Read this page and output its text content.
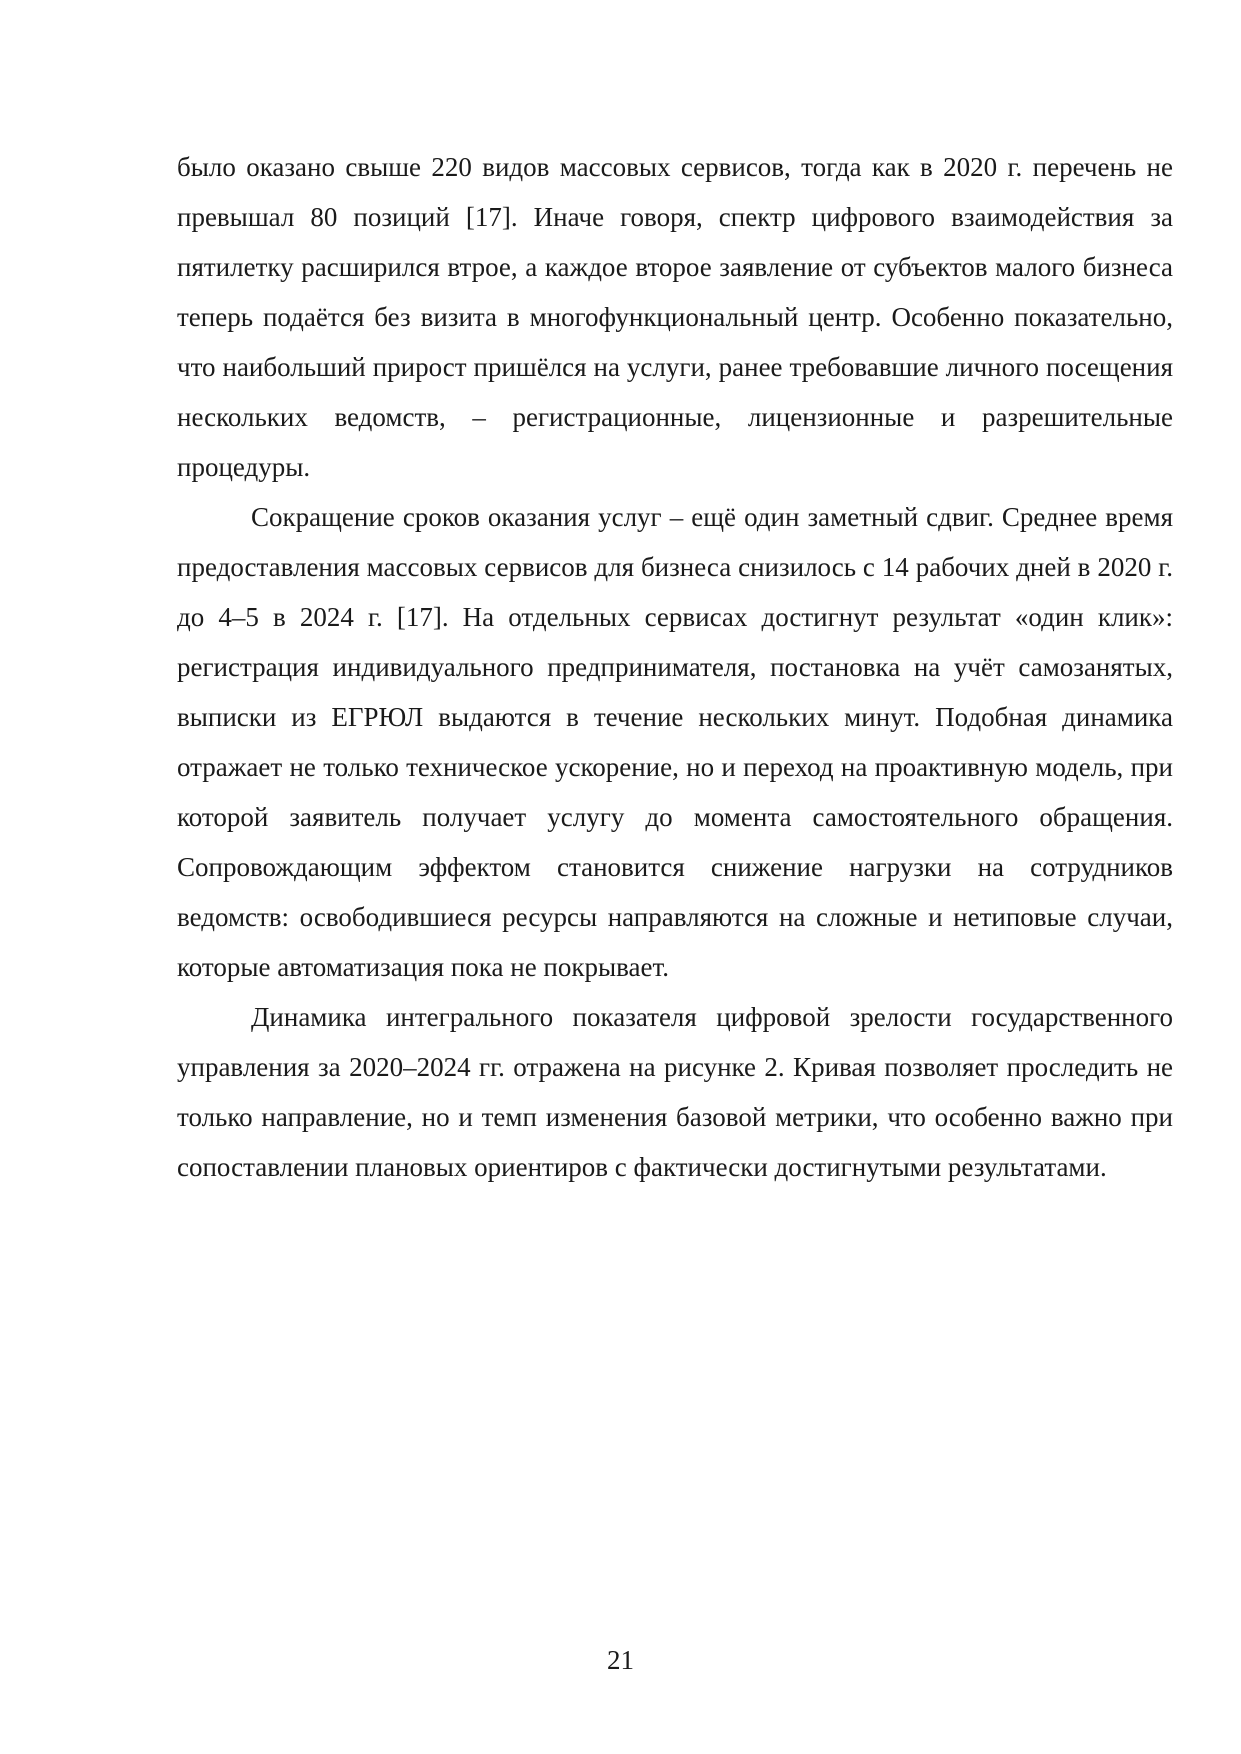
было оказано свыше 220 видов массовых сервисов, тогда как в 2020 г. перечень не превышал 80 позиций [17]. Иначе говоря, спектр цифрового взаимодействия за пятилетку расширился втрое, а каждое второе заявление от субъектов малого бизнеса теперь подаётся без визита в многофункциональный центр. Особенно показательно, что наибольший прирост пришёлся на услуги, ранее требовавшие личного посещения нескольких ведомств, – регистрационные, лицензионные и разрешительные процедуры.

Сокращение сроков оказания услуг – ещё один заметный сдвиг. Среднее время предоставления массовых сервисов для бизнеса снизилось с 14 рабочих дней в 2020 г. до 4–5 в 2024 г. [17]. На отдельных сервисах достигнут результат «один клик»: регистрация индивидуального предпринимателя, постановка на учёт самозанятых, выписки из ЕГРЮЛ выдаются в течение нескольких минут. Подобная динамика отражает не только техническое ускорение, но и переход на проактивную модель, при которой заявитель получает услугу до момента самостоятельного обращения. Сопровождающим эффектом становится снижение нагрузки на сотрудников ведомств: освободившиеся ресурсы направляются на сложные и нетиповые случаи, которые автоматизация пока не покрывает.

Динамика интегрального показателя цифровой зрелости государственного управления за 2020–2024 гг. отражена на рисунке 2. Кривая позволяет проследить не только направление, но и темп изменения базовой метрики, что особенно важно при сопоставлении плановых ориентиров с фактически достигнутыми результатами.

21
